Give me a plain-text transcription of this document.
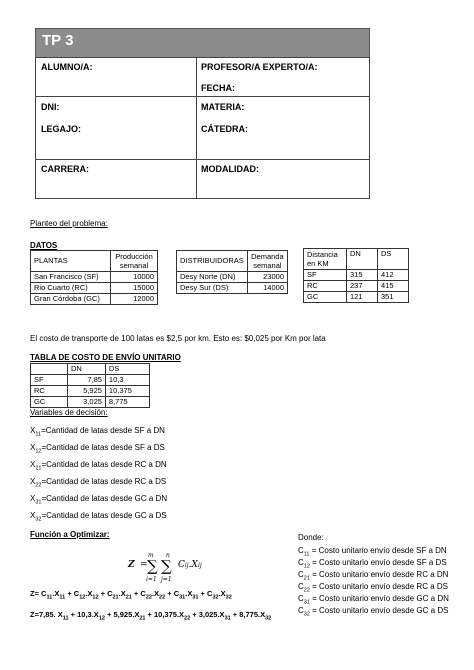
TP 3
ALUMNO/A:	PROFESOR/A EXPERTO/A:
FECHA:
DNI:	MATERIA:
LEGAJO:	CÁTEDRA:
CARRERA:	MODALIDAD:
Planteo del problema:
DATOS
PLANTAS	Producción semanal
San Francisco (SF)	10000
Rio Cuarto (RC)	15000
Gran Córdoba (GC)	12000
DISTRIBUIDORAS	Demanda semanal
Desy Norte (DN)	23000
Desy Sur (DS)	14000
Distancia en KM	DN	DS
SF	315	412
RC	237	415
GC	121	351
El costo de transporte de 100 latas es $2,5 por km. Esto es: $0,025 por Km por lata
TABLA DE COSTO DE ENVÍO UNITARIO
	DN	DS
SF	7,85	10,3
RC	5,925	10,375
GC	3,025	8,775
Variables de decisión:
$X_{11}=Cantidad$ de latas desde SF a DN
$X_{12}=Cantidad$ de latas desde SF a DS
$X_{21}=Cantidad$ de latas desde RC a DN
$X_{22}=Cantidad$ de latas desde RC a DS
$X_{31}=Cantidad$ de latas desde GC a DN
$X_{32}=Cantidad$ de latas desde GC a DS
Función a Optimizar:
Z =
m
∑
i=1
n
∑
j=1
Cij.Xij
$Z= C_{11}.X_{11} + C_{12}.X_{12} + C_{21}.X_{21} + C_{22}.X_{22} + C_{31}.X_{31} + C_{32}.X_{32}$
Z=7,85. $X_{11} + 10,3.X_{12} + 5,925.X_{21} + 10,375.X_{22} + 3,025.X_{31} + 8,775.X_{32}$
Donde:
$C_{11}$ = Costo unitario envío desde SF a DN
$C_{12}$ = Costo unitario envío desde SF a DS
$C_{21}$ = Costo unitario envío desde RC a DN
$C_{22}$ = Costo unitario envío desde RC a DS
$C_{31}$ = Costo unitario envío desde GC a DN
$C_{32}$ = Costo unitario envío desde GC a DS
